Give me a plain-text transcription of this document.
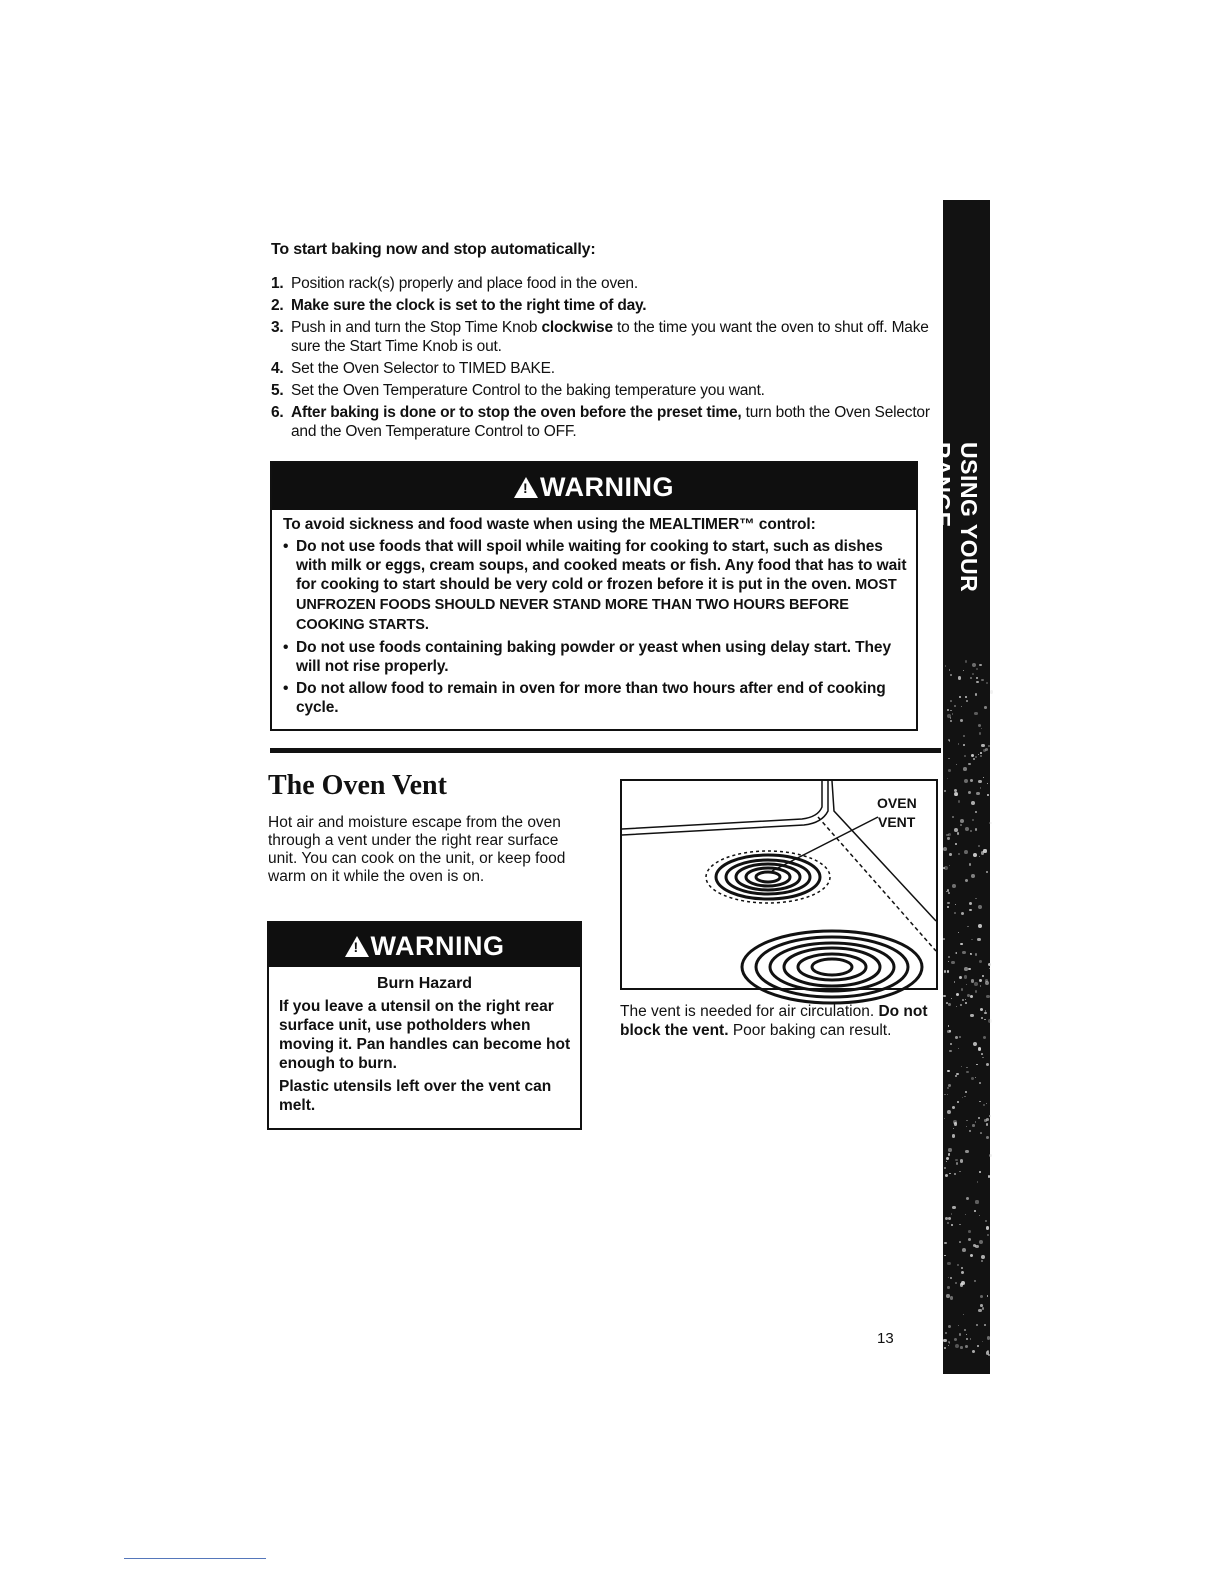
To start baking now and stop automatically:
1. Position rack(s) properly and place food in the oven.
2. Make sure the clock is set to the right time of day.
3. Push in and turn the Stop Time Knob clockwise to the time you want the oven to shut off. Make sure the Start Time Knob is out.
4. Set the Oven Selector to TIMED BAKE.
5. Set the Oven Temperature Control to the baking temperature you want.
6. After baking is done or to stop the oven before the preset time, turn both the Oven Selector and the Oven Temperature Control to OFF.
!WARNING
To avoid sickness and food waste when using the MEALTIMER™ control:
• Do not use foods that will spoil while waiting for cooking to start, such as dishes with milk or eggs, cream soups, and cooked meats or fish. Any food that has to wait for cooking to start should be very cold or frozen before it is put in the oven. MOST UNFROZEN FOODS SHOULD NEVER STAND MORE THAN TWO HOURS BEFORE COOKING STARTS.
• Do not use foods containing baking powder or yeast when using delay start. They will not rise properly.
• Do not allow food to remain in oven for more than two hours after end of cooking cycle.
The Oven Vent
Hot air and moisture escape from the oven through a vent under the right rear surface unit. You can cook on the unit, or keep food warm on it while the oven is on.
!WARNING
Burn Hazard

If you leave a utensil on the right rear surface unit, use potholders when moving it. Pan handles can become hot enough to burn.

Plastic utensils left over the vent can melt.

OVEN
VENT
The vent is needed for air circulation. Do not block the vent. Poor baking can result.
USING YOUR RANGE
13
